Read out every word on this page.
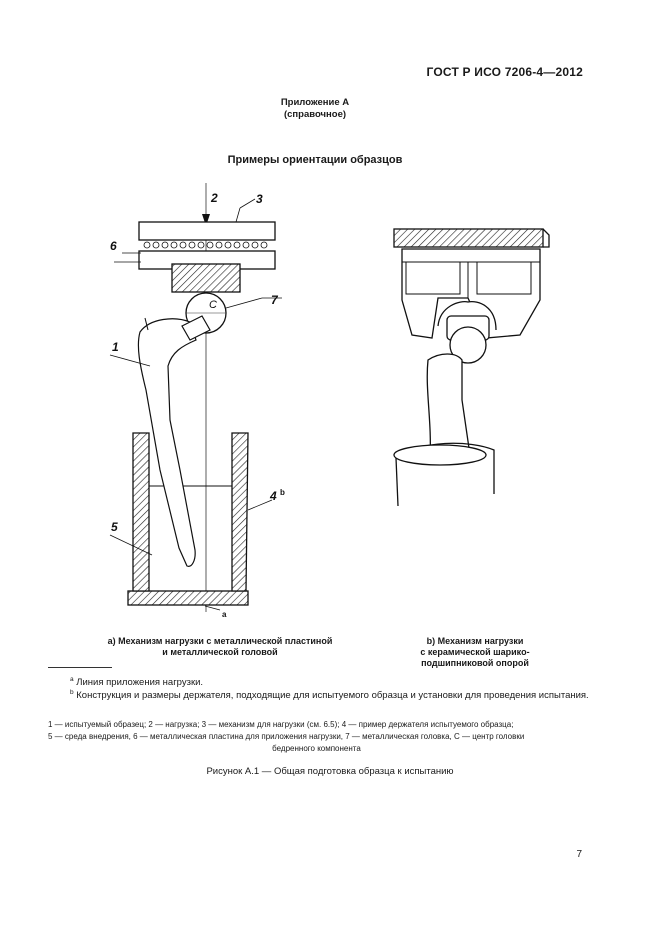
ГОСТ Р ИСО 7206-4—2012
Приложение А
(справочное)
Примеры ориентации образцов
2	3
6
7
1
5
4 b
C
a
а) Механизм нагрузки с металлической пластиной
и металлической головой
b) Механизм нагрузки
с керамической шарико-
подшипниковой опорой
$^а$ Линия приложения нагрузки.
$^b$ Конструкция и размеры держателя, подходящие для испытуемого образца и установки для проведения испытания.
1 — испытуемый образец; 2 — нагрузка; 3 — механизм для нагрузки (см. 6.5); 4 — пример держателя испытуемого образца;
5 — среда внедрения, 6 — металлическая пластина для приложения нагрузки, 7 — металлическая головка, С — центр головки
бедренного компонента
Рисунок А.1 — Общая подготовка образца к испытанию
7
